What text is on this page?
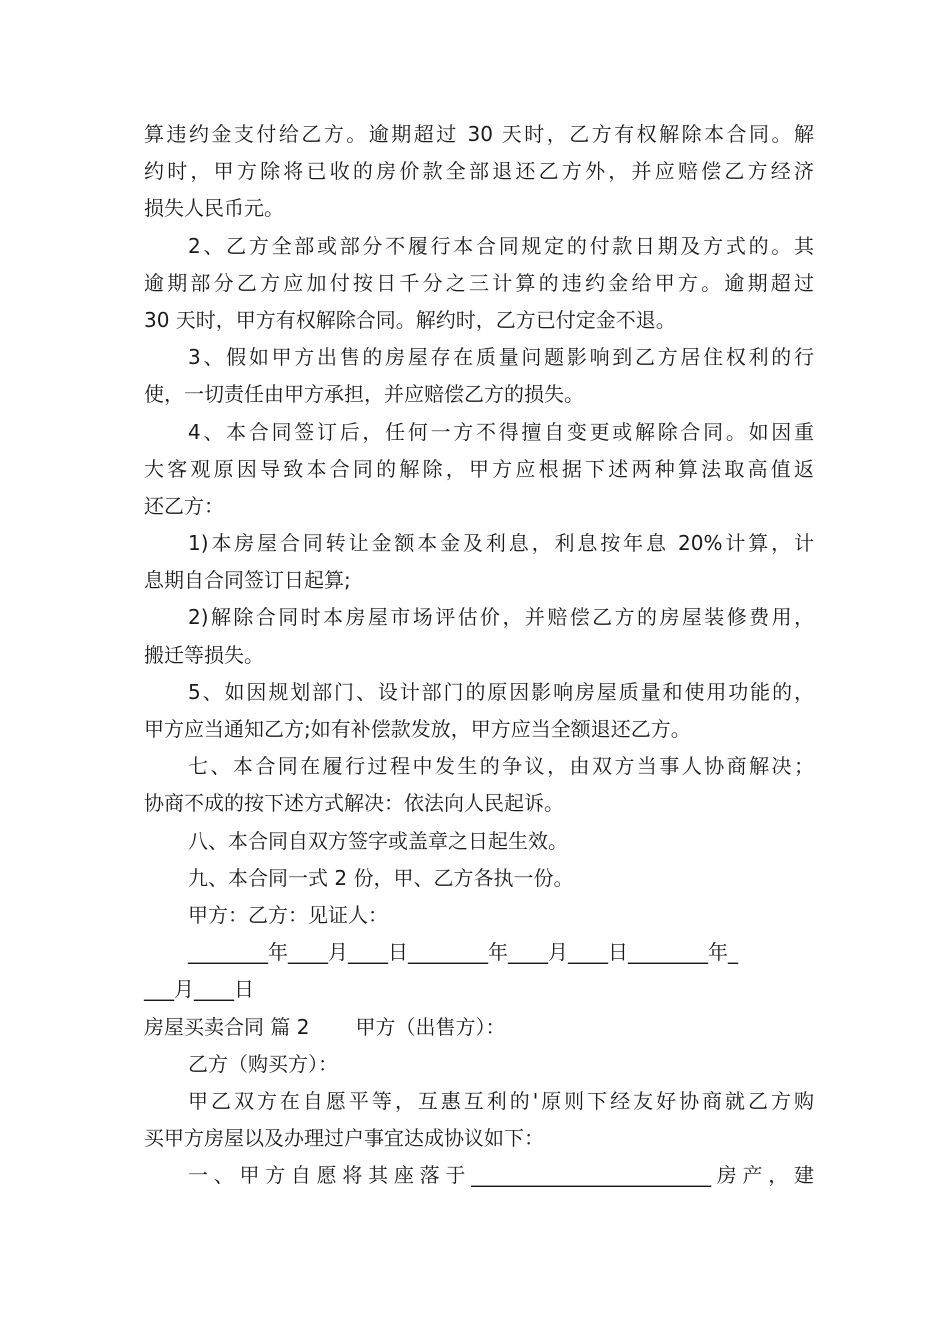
算违约金支付给乙方。逾期超过 30 天时，乙方有权解除本合同。解
约时，甲方除将已收的房价款全部退还乙方外，并应赔偿乙方经济
损失人民币元。
2、乙方全部或部分不履行本合同规定的付款日期及方式的。其
逾期部分乙方应加付按日千分之三计算的违约金给甲方。逾期超过
30 天时，甲方有权解除合同。解约时，乙方已付定金不退。
3、假如甲方出售的房屋存在质量问题影响到乙方居住权利的行
使，一切责任由甲方承担，并应赔偿乙方的损失。
4、本合同签订后，任何一方不得擅自变更或解除合同。如因重
大客观原因导致本合同的解除，甲方应根据下述两种算法取高值返
还乙方：
1)本房屋合同转让金额本金及利息，利息按年息 20%计算，计
息期自合同签订日起算;
2)解除合同时本房屋市场评估价，并赔偿乙方的房屋装修费用，
搬迁等损失。
5、如因规划部门、设计部门的原因影响房屋质量和使用功能的，
甲方应当通知乙方;如有补偿款发放，甲方应当全额退还乙方。
七、本合同在履行过程中发生的争议，由双方当事人协商解决；
协商不成的按下述方式解决：依法向人民起诉。
八、本合同自双方签字或盖章之日起生效。
九、本合同一式 2 份，甲、乙方各执一份。
甲方：乙方：见证人：
________年____月____日________年____月____日________年_
___月____日
房屋买卖合同 篇 2 甲方（出售方）：
乙方（购买方）：
甲乙双方在自愿平等，互惠互利的'原则下经友好协商就乙方购
买甲方房屋以及办理过户事宜达成协议如下：
一、甲方自愿将其座落于________________________房产，建
